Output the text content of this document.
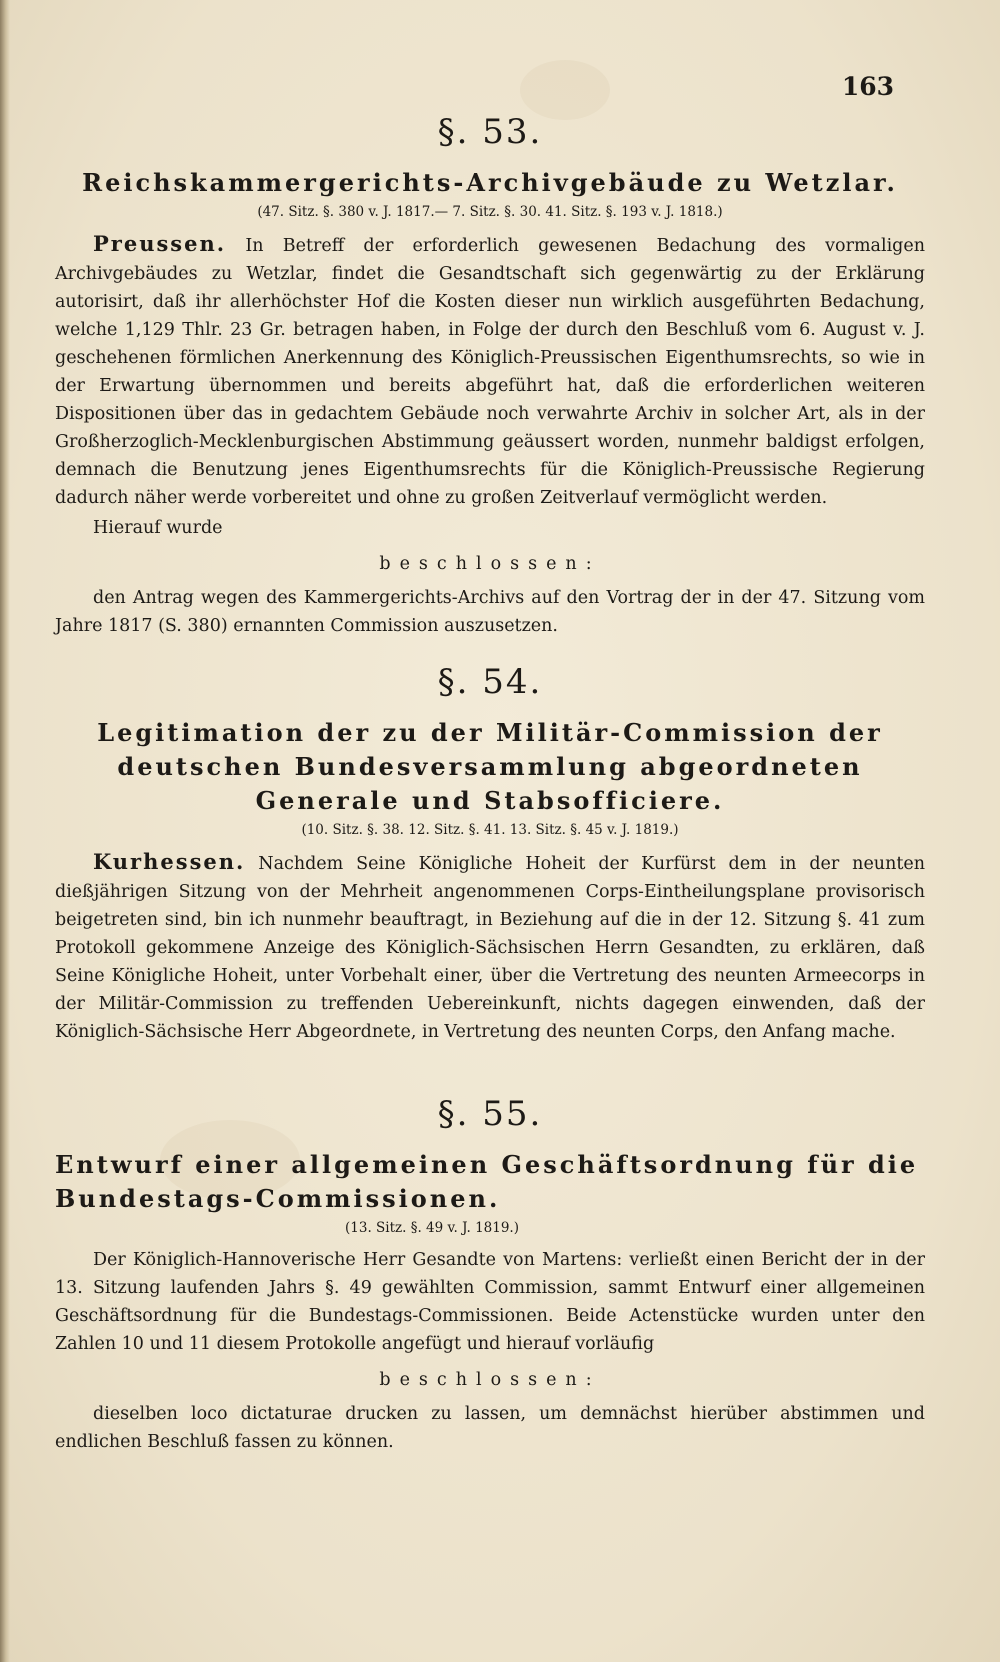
163
§. 53.
Reichskammergerichts-Archivgebäude zu Wetzlar.
(47. Sitz. §. 380 v. J. 1817.— 7. Sitz. §. 30. 41. Sitz. §. 193 v. J. 1818.)

Preussen. In Betreff der erforderlich gewesenen Bedachung des vormaligen Archivgebäudes zu Wetzlar, findet die Gesandtschaft sich gegenwärtig zu der Erklärung autorisirt, daß ihr allerhöchster Hof die Kosten dieser nun wirklich ausgeführten Bedachung, welche 1,129 Thlr. 23 Gr. betragen haben, in Folge der durch den Beschluß vom 6. August v. J. geschehenen förmlichen Anerkennung des Königlich-Preussischen Eigenthumsrechts, so wie in der Erwartung übernommen und bereits abgeführt hat, daß die erforderlichen weiteren Dispositionen über das in gedachtem Gebäude noch verwahrte Archiv in solcher Art, als in der Großherzoglich-Mecklenburgischen Abstimmung geäussert worden, nunmehr baldigst erfolgen, demnach die Benutzung jenes Eigenthumsrechts für die Königlich-Preussische Regierung dadurch näher werde vorbereitet und ohne zu großen Zeitverlauf vermöglicht werden.

Hierauf wurde
beschlossen:

den Antrag wegen des Kammergerichts-Archivs auf den Vortrag der in der 47. Sitzung vom Jahre 1817 (S. 380) ernannten Commission auszusetzen.

§. 54.
Legitimation der zu der Militär-Commission der deutschen Bundesversammlung abgeordneten Generale und Stabsofficiere.
(10. Sitz. §. 38. 12. Sitz. §. 41. 13. Sitz. §. 45 v. J. 1819.)

Kurhessen. Nachdem Seine Königliche Hoheit der Kurfürst dem in der neunten dießjährigen Sitzung von der Mehrheit angenommenen Corps-Eintheilungsplane provisorisch beigetreten sind, bin ich nunmehr beauftragt, in Beziehung auf die in der 12. Sitzung §. 41 zum Protokoll gekommene Anzeige des Königlich-Sächsischen Herrn Gesandten, zu erklären, daß Seine Königliche Hoheit, unter Vorbehalt einer, über die Vertretung des neunten Armeecorps in der Militär-Commission zu treffenden Uebereinkunft, nichts dagegen einwenden, daß der Königlich-Sächsische Herr Abgeordnete, in Vertretung des neunten Corps, den Anfang mache.

§. 55.
Entwurf einer allgemeinen Geschäftsordnung für die Bundestags-Commissionen.
(13. Sitz. §. 49 v. J. 1819.)

Der Königlich-Hannoverische Herr Gesandte von Martens: verließt einen Bericht der in der 13. Sitzung laufenden Jahrs §. 49 gewählten Commission, sammt Entwurf einer allgemeinen Geschäftsordnung für die Bundestags-Commissionen. Beide Actenstücke wurden unter den Zahlen 10 und 11 diesem Protokolle angefügt und hierauf vorläufig

beschlossen:

dieselben loco dictaturae drucken zu lassen, um demnächst hierüber abstimmen und endlichen Beschluß fassen zu können.
